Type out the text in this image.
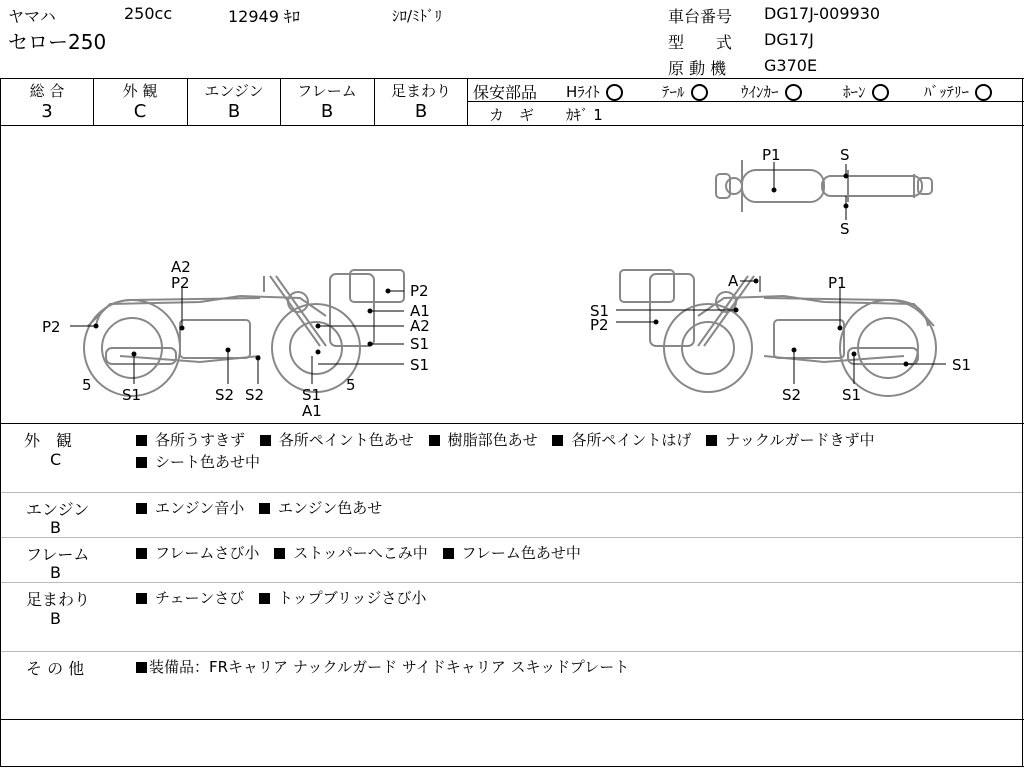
ヤマハ	250cc	12949 ｷﾛ	ｼﾛ/ﾐﾄﾞﾘ
セロー250
車台番号 DG17J-009930
型　　式 DG17J
原 動 機 G370E
総 合	外 観	エンジン	フレーム	足まわり
3	C	B	B	B
保安部品 Hﾗｲﾄ	ﾃｰﾙ	ｳｲﾝｶｰ	ﾎｰﾝ	ﾊﾞｯﾃﾘｰ
カ　ギ ｶｷﾞ 1
P1	S
S
A2
P2	P2
A1
A2
S1
S1
P2
5
S1	S2 S2	S1
A1
5
A	P1
S1
P2
S1
S2	S1
外　観
C
各所うすきず 各所ペイント色あせ 樹脂部色あせ 各所ペイントはげ ナックルガードきず中
シート色あせ中
エンジン
B
エンジン音小 エンジン色あせ
フレーム
B
フレームさび小 ストッパーへこみ中 フレーム色あせ中
足まわり
B
チェーンさび トップブリッジさび小
そ の 他	装備品：FRキャリア ナックルガード サイドキャリア スキッドプレート
